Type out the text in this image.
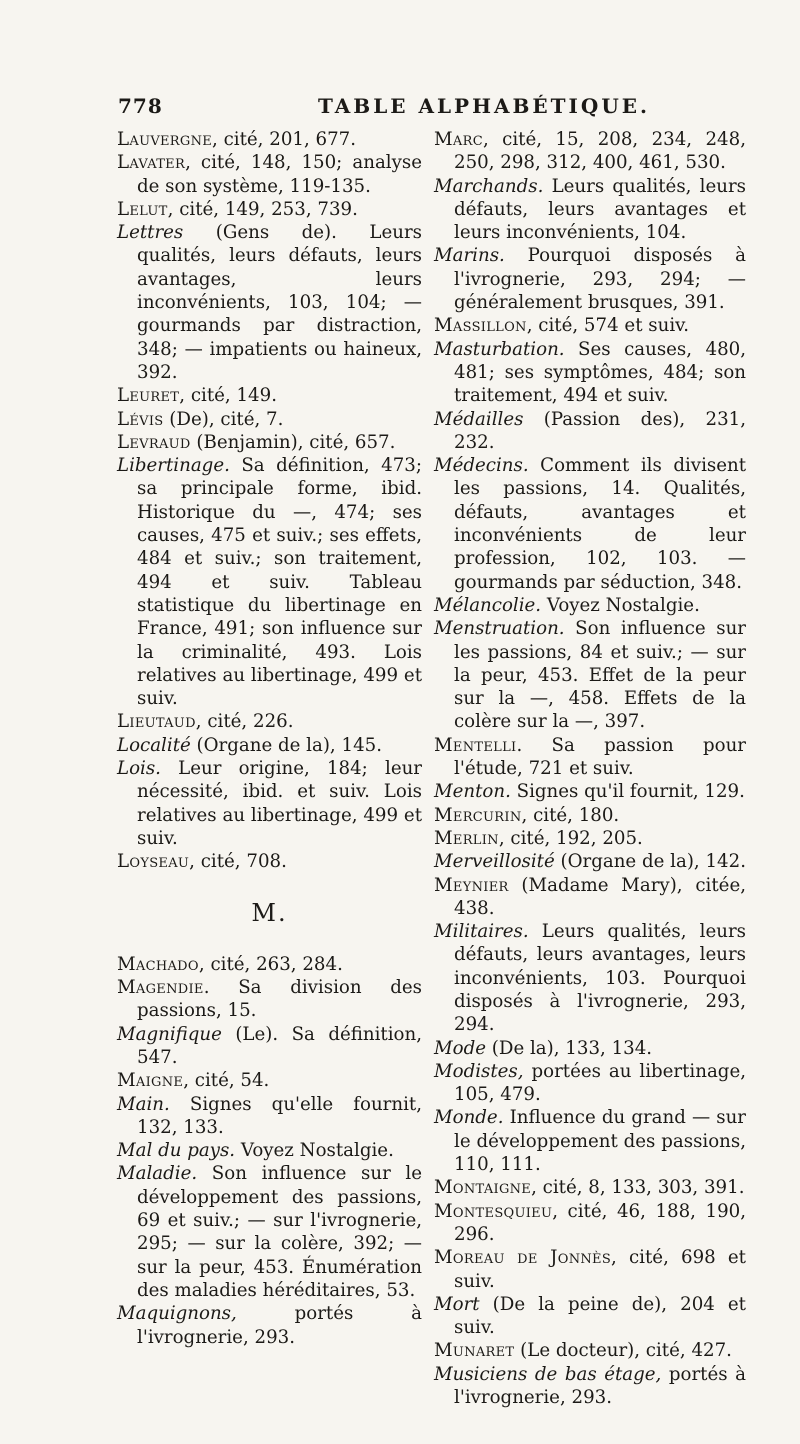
778	TABLE ALPHABÉTIQUE.

Lauvergne, cité, 201, 677.

Lavater, cité, 148, 150; analyse de son système, 119-135.

Lelut, cité, 149, 253, 739.

Lettres (Gens de). Leurs qualités, leurs défauts, leurs avantages, leurs inconvénients, 103, 104; — gourmands par distraction, 348; — impatients ou haineux, 392.

Leuret, cité, 149.

Lévis (De), cité, 7.

Levraud (Benjamin), cité, 657.

Libertinage. Sa définition, 473; sa principale forme, ibid. Historique du —, 474; ses causes, 475 et suiv.; ses effets, 484 et suiv.; son traitement, 494 et suiv. Tableau statistique du libertinage en France, 491; son influence sur la criminalité, 493. Lois relatives au libertinage, 499 et suiv.

Lieutaud, cité, 226.

Localité (Organe de la), 145.

Lois. Leur origine, 184; leur nécessité, ibid. et suiv. Lois relatives au libertinage, 499 et suiv.

Loyseau, cité, 708.

M.

Machado, cité, 263, 284.

Magendie. Sa division des passions, 15.

Magnifique (Le). Sa définition, 547.

Maigne, cité, 54.

Main. Signes qu'elle fournit, 132, 133.

Mal du pays. Voyez Nostalgie.

Maladie. Son influence sur le développement des passions, 69 et suiv.; — sur l'ivrognerie, 295; — sur la colère, 392; — sur la peur, 453. Énumération des maladies héréditaires, 53.

Maquignons, portés à l'ivrognerie, 293.

Marc, cité, 15, 208, 234, 248, 250, 298, 312, 400, 461, 530.

Marchands. Leurs qualités, leurs défauts, leurs avantages et leurs inconvénients, 104.

Marins. Pourquoi disposés à l'ivrognerie, 293, 294; — généralement brusques, 391.

Massillon, cité, 574 et suiv.

Masturbation. Ses causes, 480, 481; ses symptômes, 484; son traitement, 494 et suiv.

Médailles (Passion des), 231, 232.

Médecins. Comment ils divisent les passions, 14. Qualités, défauts, avantages et inconvénients de leur profession, 102, 103. — gourmands par séduction, 348.

Mélancolie. Voyez Nostalgie.

Menstruation. Son influence sur les passions, 84 et suiv.; — sur la peur, 453. Effet de la peur sur la —, 458. Effets de la colère sur la —, 397.

Mentelli. Sa passion pour l'étude, 721 et suiv.

Menton. Signes qu'il fournit, 129.

Mercurin, cité, 180.

Merlin, cité, 192, 205.

Merveillosité (Organe de la), 142.

Meynier (Madame Mary), citée, 438.

Militaires. Leurs qualités, leurs défauts, leurs avantages, leurs inconvénients, 103. Pourquoi disposés à l'ivrognerie, 293, 294.

Mode (De la), 133, 134.

Modistes, portées au libertinage, 105, 479.

Monde. Influence du grand — sur le développement des passions, 110, 111.

Montaigne, cité, 8, 133, 303, 391.

Montesquieu, cité, 46, 188, 190, 296.

Moreau de Jonnès, cité, 698 et suiv.

Mort (De la peine de), 204 et suiv.

Munaret (Le docteur), cité, 427.

Musiciens de bas étage, portés à l'ivrognerie, 293.
